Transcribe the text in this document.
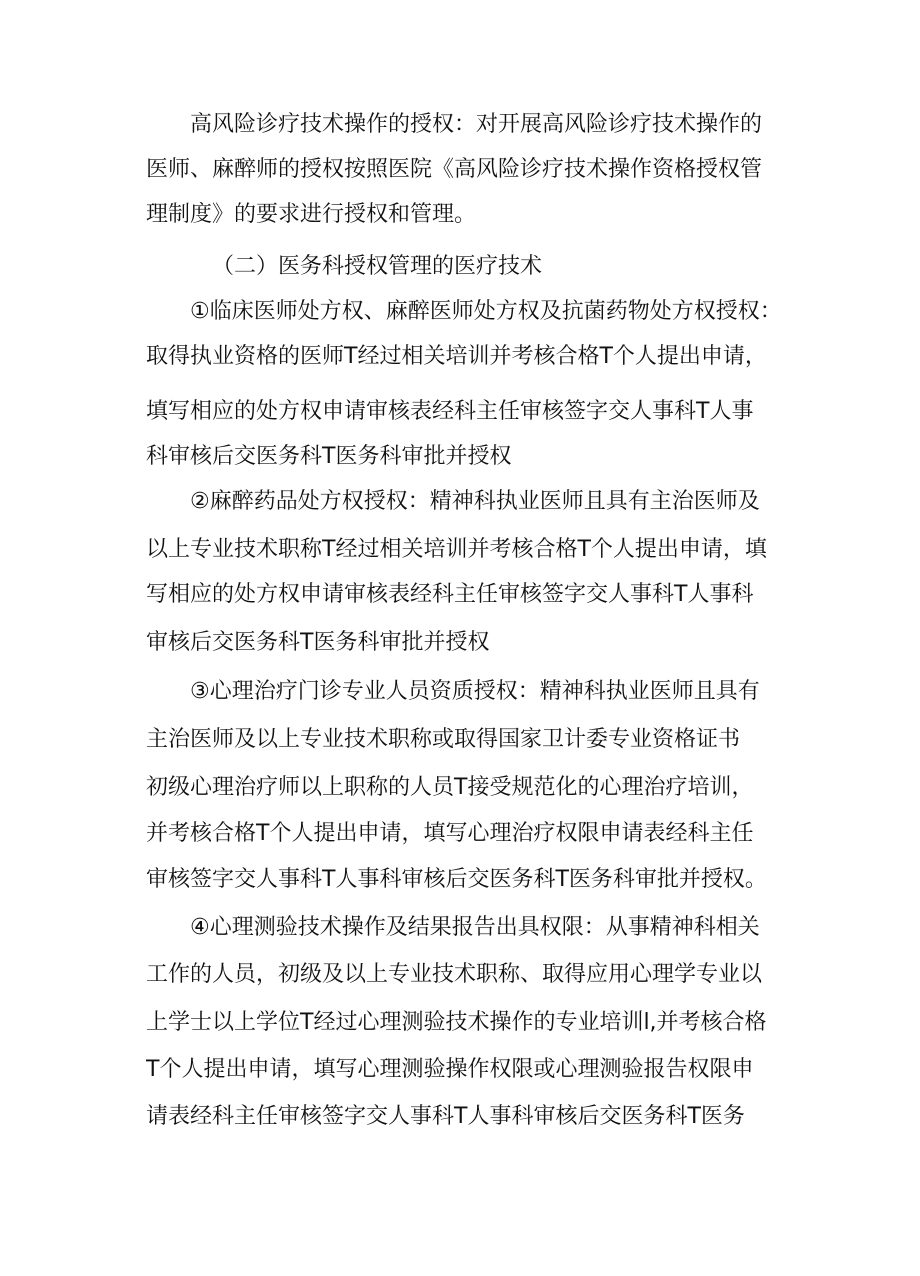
高风险诊疗技术操作的授权：对开展高风险诊疗技术操作的
医师、麻醉师的授权按照医院《高风险诊疗技术操作资格授权管
理制度》的要求进行授权和管理。
（二）医务科授权管理的医疗技术
①临床医师处方权、麻醉医师处方权及抗菌药物处方权授权：
取得执业资格的医师T经过相关培训并考核合格T个人提出申请，
填写相应的处方权申请审核表经科主任审核签字交人事科T人事
科审核后交医务科T医务科审批并授权
②麻醉药品处方权授权：精神科执业医师且具有主治医师及
以上专业技术职称T经过相关培训并考核合格T个人提出申请，填
写相应的处方权申请审核表经科主任审核签字交人事科T人事科
审核后交医务科T医务科审批并授权
③心理治疗门诊专业人员资质授权：精神科执业医师且具有
主治医师及以上专业技术职称或取得国家卫计委专业资格证书
初级心理治疗师以上职称的人员T接受规范化的心理治疗培训，
并考核合格T个人提出申请，填写心理治疗权限申请表经科主任
审核签字交人事科T人事科审核后交医务科T医务科审批并授权。
④心理测验技术操作及结果报告出具权限：从事精神科相关
工作的人员，初级及以上专业技术职称、取得应用心理学专业以
上学士以上学位T经过心理测验技术操作的专业培训l,并考核合格
T个人提出申请，填写心理测验操作权限或心理测验报告权限申
请表经科主任审核签字交人事科T人事科审核后交医务科T医务
